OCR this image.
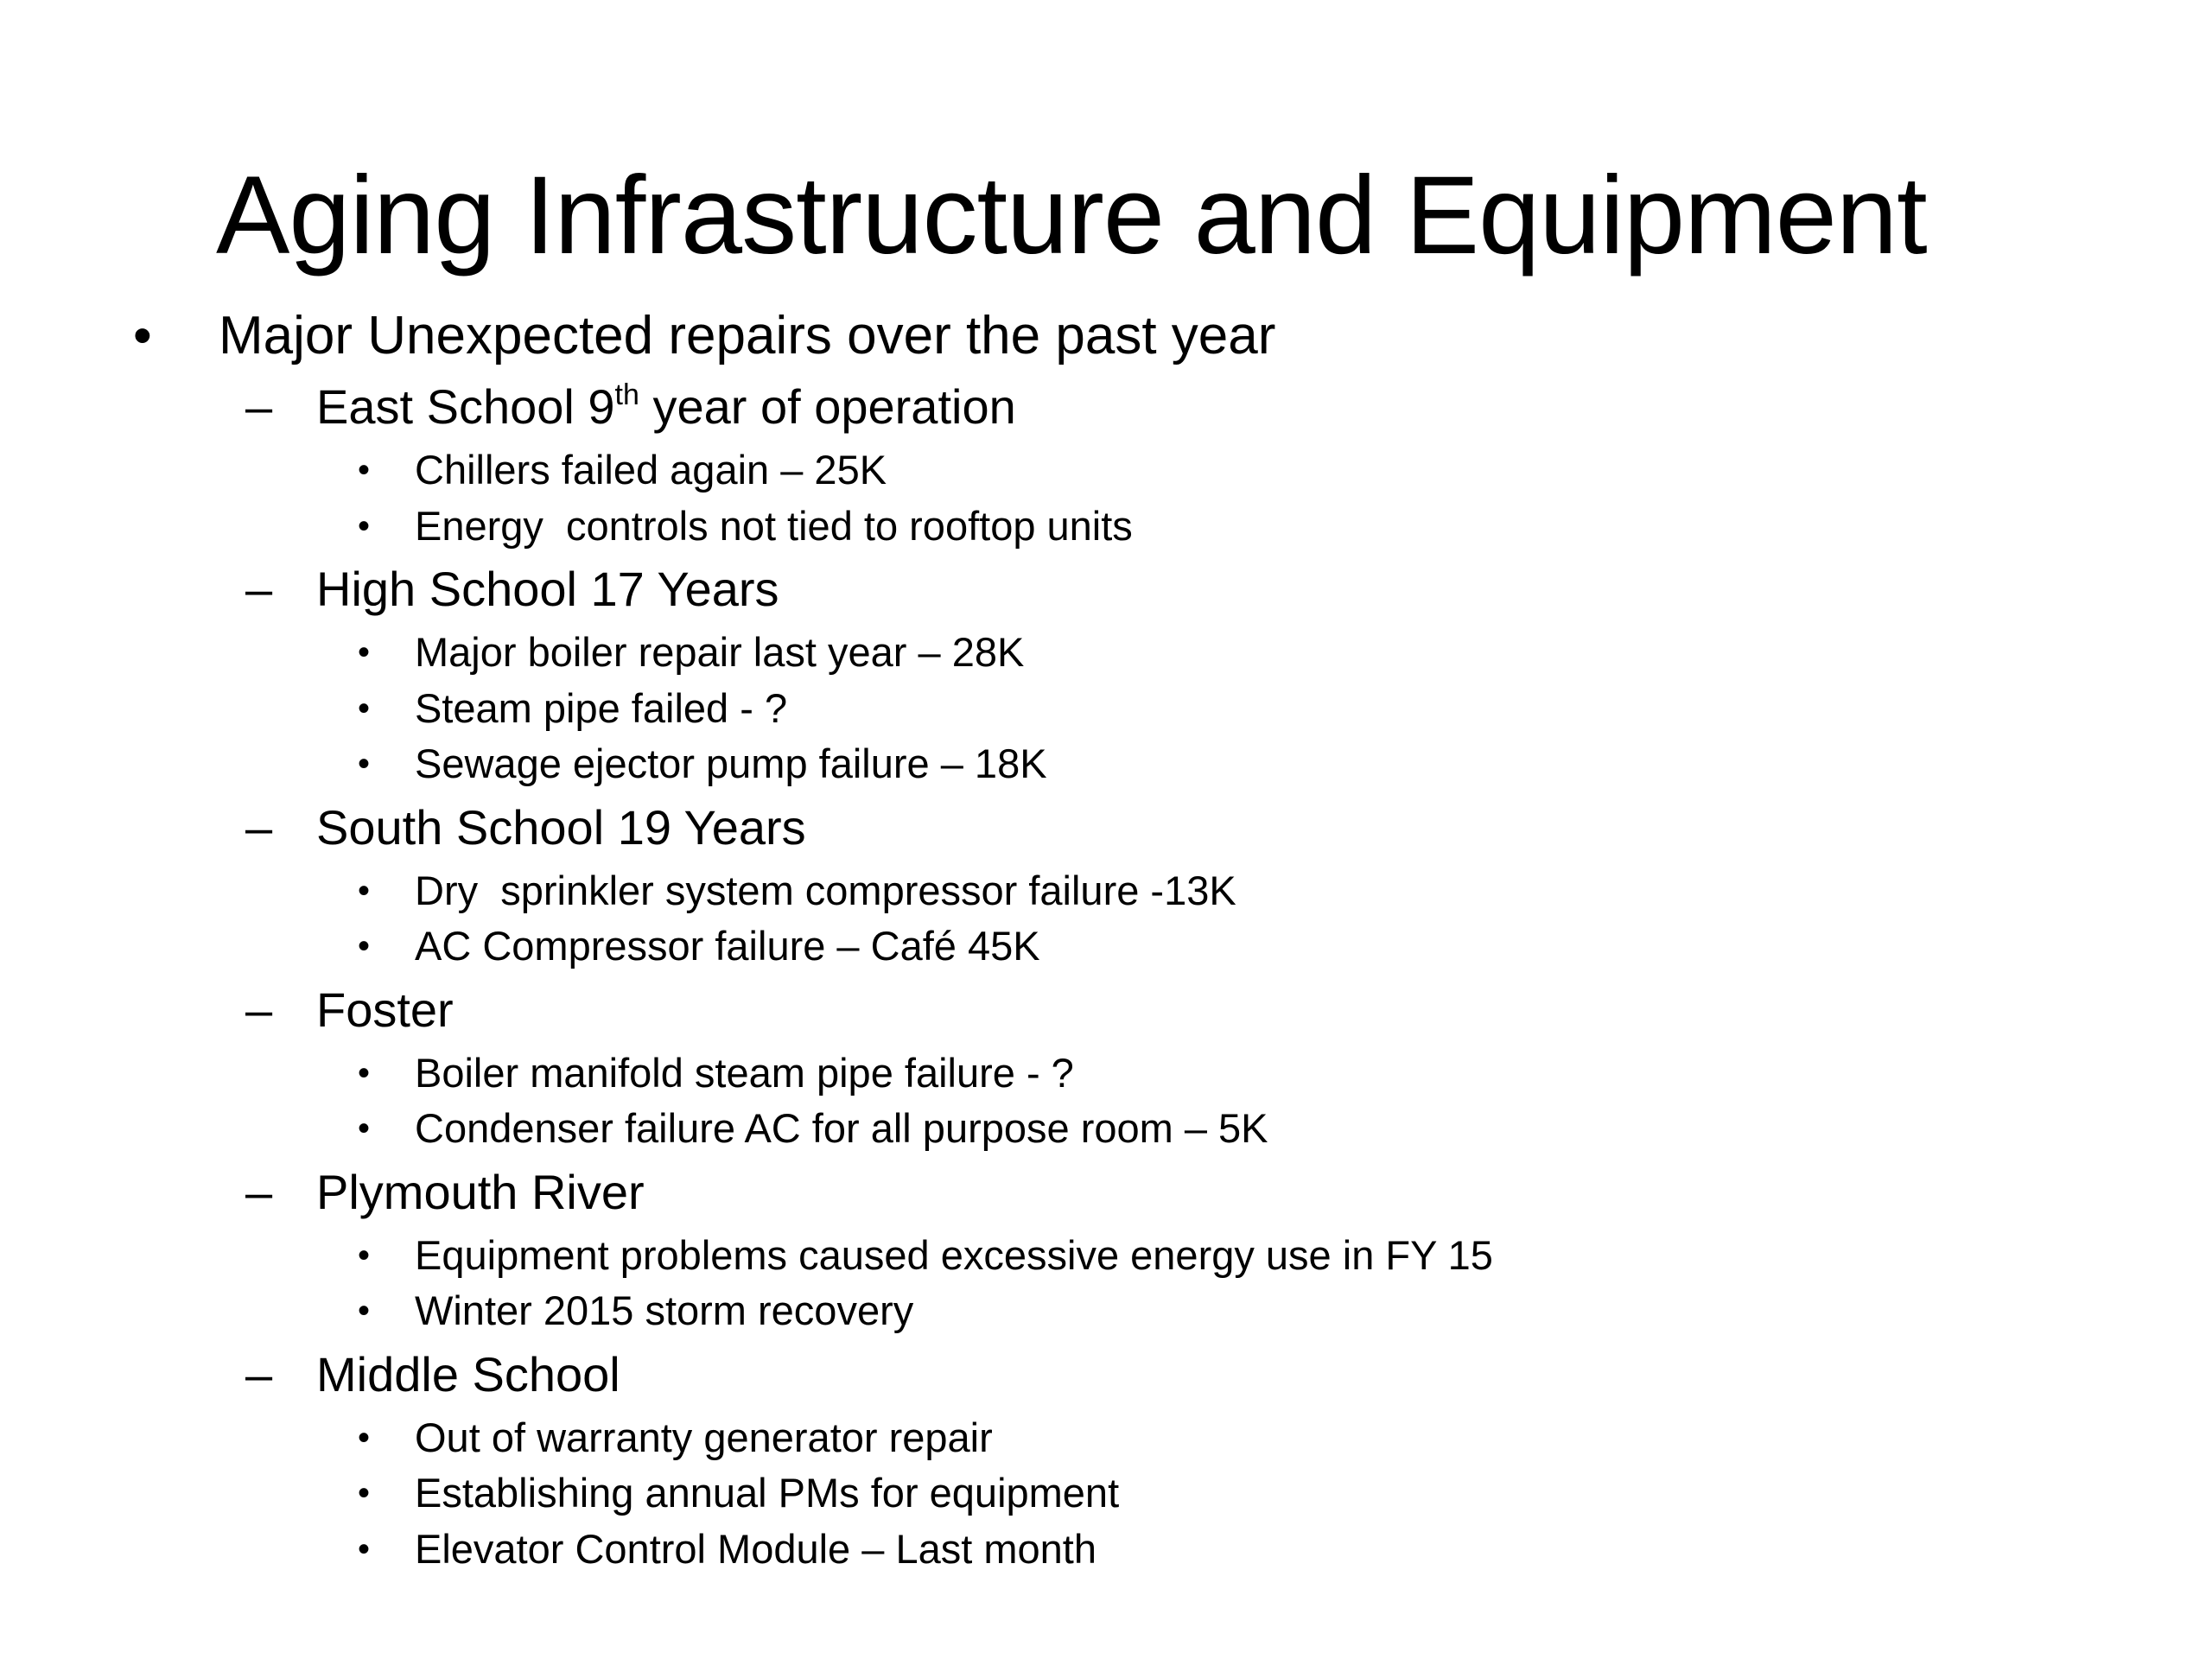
Aging Infrastructure and Equipment
• Major Unexpected repairs over the past year
– East School 9th year of operation
• Chillers failed again – 25K
• Energy  controls not tied to rooftop units
– High School 17 Years
• Major boiler repair last year – 28K
• Steam pipe failed - ?
• Sewage ejector pump failure – 18K
– South School 19 Years
• Dry  sprinkler system compressor failure -13K
• AC Compressor failure – Café 45K
– Foster
• Boiler manifold steam pipe failure - ?
• Condenser failure AC for all purpose room – 5K
– Plymouth River
• Equipment problems caused excessive energy use in FY 15
• Winter 2015 storm recovery
– Middle School
• Out of warranty generator repair
• Establishing annual PMs for equipment
• Elevator Control Module – Last month
